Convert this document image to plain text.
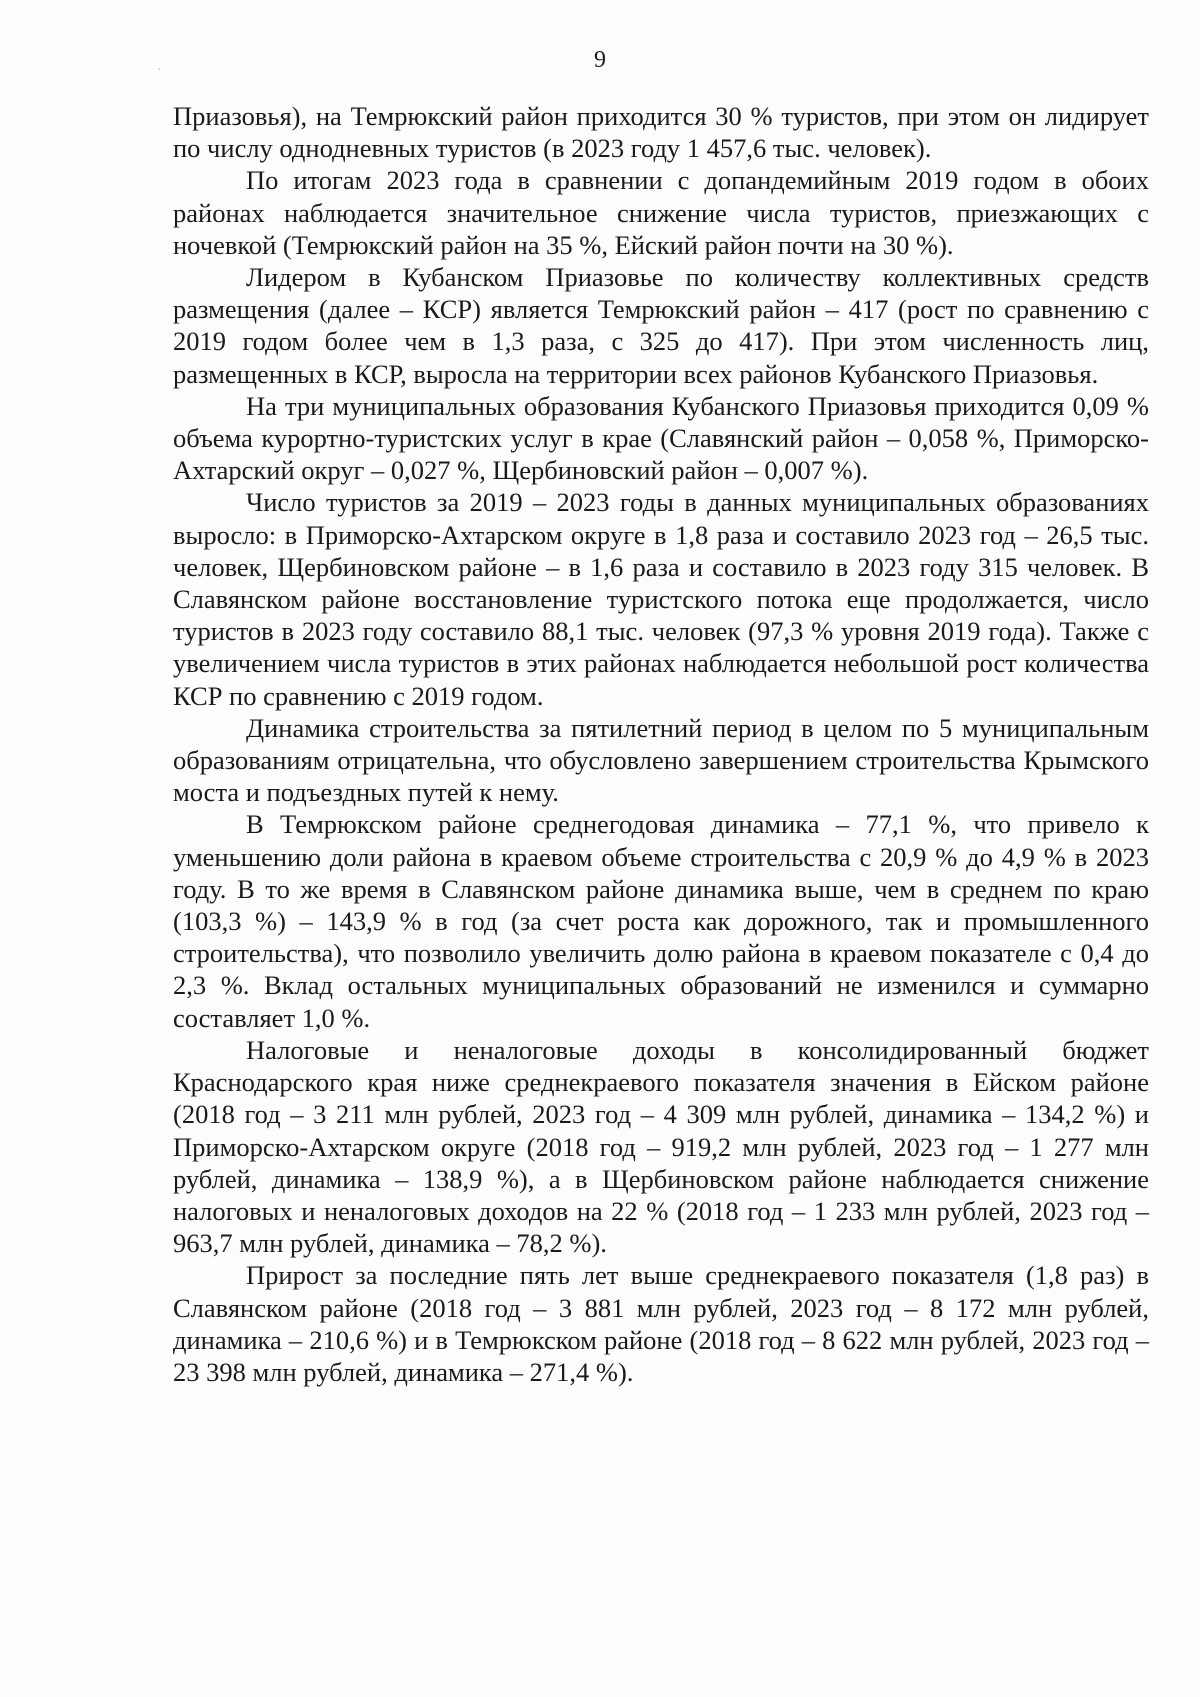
9

Приазовья), на Темрюкский район приходится 30 % туристов, при этом он лидирует по числу однодневных туристов (в 2023 году 1 457,6 тыс. человек).

По итогам 2023 года в сравнении с допандемийным 2019 годом в обоих районах наблюдается значительное снижение числа туристов, приезжающих с ночевкой (Темрюкский район на 35 %, Ейский район почти на 30 %).

Лидером в Кубанском Приазовье по количеству коллективных средств размещения (далее – КСР) является Темрюкский район – 417 (рост по сравнению с 2019 годом более чем в 1,3 раза, с 325 до 417). При этом численность лиц, размещенных в КСР, выросла на территории всех районов Кубанского Приазовья.

На три муниципальных образования Кубанского Приазовья приходится 0,09 % объема курортно-туристских услуг в крае (Славянский район – 0,058 %, Приморско-Ахтарский округ – 0,027 %, Щербиновский район – 0,007 %).

Число туристов за 2019 – 2023 годы в данных муниципальных образованиях выросло: в Приморско-Ахтарском округе в 1,8 раза и составило 2023 год – 26,5 тыс. человек, Щербиновском районе – в 1,6 раза и составило в 2023 году 315 человек. В Славянском районе восстановление туристского потока еще продолжается, число туристов в 2023 году составило 88,1 тыс. человек (97,3 % уровня 2019 года). Также с увеличением числа туристов в этих районах наблюдается небольшой рост количества КСР по сравнению с 2019 годом.

Динамика строительства за пятилетний период в целом по 5 муниципальным образованиям отрицательна, что обусловлено завершением строительства Крымского моста и подъездных путей к нему.

В Темрюкском районе среднегодовая динамика – 77,1 %, что привело к уменьшению доли района в краевом объеме строительства с 20,9 % до 4,9 % в 2023 году. В то же время в Славянском районе динамика выше, чем в среднем по краю (103,3 %) – 143,9 % в год (за счет роста как дорожного, так и промышленного строительства), что позволило увеличить долю района в краевом показателе с 0,4 до 2,3 %. Вклад остальных муниципальных образований не изменился и суммарно составляет 1,0 %.

Налоговые и неналоговые доходы в консолидированный бюджет Краснодарского края ниже среднекраевого показателя значения в Ейском районе (2018 год – 3 211 млн рублей, 2023 год – 4 309 млн рублей, динамика – 134,2 %) и Приморско-Ахтарском округе (2018 год – 919,2 млн рублей, 2023 год – 1 277 млн рублей, динамика – 138,9 %), а в Щербиновском районе наблюдается снижение налоговых и неналоговых доходов на 22 % (2018 год – 1 233 млн рублей, 2023 год – 963,7 млн рублей, динамика – 78,2 %).

Прирост за последние пять лет выше среднекраевого показателя (1,8 раз) в Славянском районе (2018 год – 3 881 млн рублей, 2023 год – 8 172 млн рублей, динамика – 210,6 %) и в Темрюкском районе (2018 год – 8 622 млн рублей, 2023 год – 23 398 млн рублей, динамика – 271,4 %).
